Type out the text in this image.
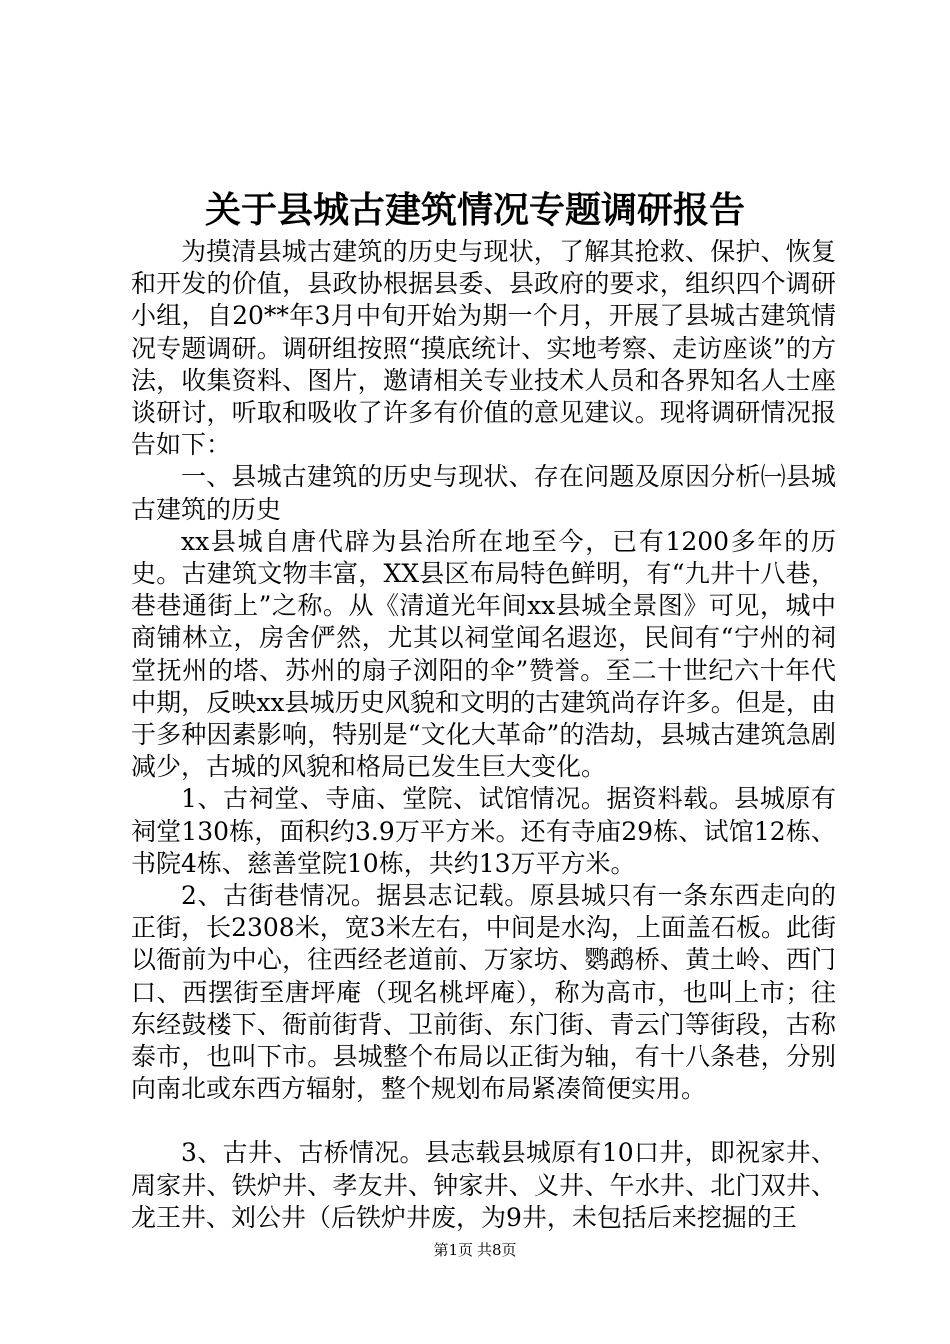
关于县城古建筑情况专题调研报告

为摸清县城古建筑的历史与现状，了解其抢救、保护、恢复和开发的价值，县政协根据县委、县政府的要求，组织四个调研小组，自20**年3月中旬开始为期一个月，开展了县城古建筑情况专题调研。调研组按照“摸底统计、实地考察、走访座谈”的方法，收集资料、图片，邀请相关专业技术人员和各界知名人士座谈研讨，听取和吸收了许多有价值的意见建议。现将调研情况报告如下：

一、县城古建筑的历史与现状、存在问题及原因分析㈠县城古建筑的历史

xx县城自唐代辟为县治所在地至今，已有1200多年的历史。古建筑文物丰富，XX县区布局特色鲜明，有“九井十八巷，巷巷通街上”之称。从《清道光年间xx县城全景图》可见，城中商铺林立，房舍俨然，尤其以祠堂闻名遐迩，民间有“宁州的祠堂抚州的塔、苏州的扇子浏阳的伞”赞誉。至二十世纪六十年代中期，反映xx县城历史风貌和文明的古建筑尚存许多。但是，由于多种因素影响，特别是“文化大革命”的浩劫，县城古建筑急剧减少，古城的风貌和格局已发生巨大变化。

1、古祠堂、寺庙、堂院、试馆情况。据资料载。县城原有祠堂130栋，面积约3.9万平方米。还有寺庙29栋、试馆12栋、书院4栋、慈善堂院10栋，共约13万平方米。

2、古街巷情况。据县志记载。原县城只有一条东西走向的正街，长2308米，宽3米左右，中间是水沟，上面盖石板。此街以衙前为中心，往西经老道前、万家坊、鹦鹉桥、黄土岭、西门口、西摆街至唐坪庵（现名桃坪庵），称为高市，也叫上市；往东经鼓楼下、衙前街背、卫前街、东门街、青云门等街段，古称泰市，也叫下市。县城整个布局以正街为轴，有十八条巷，分别向南北或东西方辐射，整个规划布局紧凑简便实用。

3、古井、古桥情况。县志载县城原有10口井，即祝家井、周家井、铁炉井、孝友井、钟家井、义井、午水井、北门双井、龙王井、刘公井（后铁炉井废，为9井，未包括后来挖掘的王

第1页 共8页
